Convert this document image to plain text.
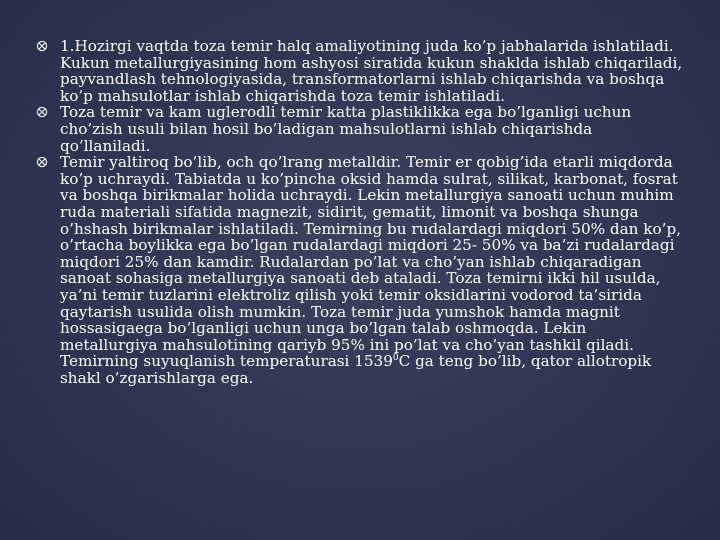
1.Hozirgi vaqtda toza temir halq amaliyotining juda ko’p jabhalarida ishlatiladi. Kukun metallurgiyasining hom ashyosi siratida kukun shaklda ishlab chiqariladi, payvandlash tehnologiyasida, transformatorlarni ishlab chiqarishda va boshqa ko’p mahsulotlar ishlab chiqarishda toza temir ishlatiladi.
Toza temir va kam uglerodli temir katta plastiklikka ega bo’lganligi uchun cho’zish usuli bilan hosil bo’ladigan mahsulotlarni ishlab chiqarishda qo’llaniladi.
Temir yaltiroq bo’lib, och qo’lrang metalldir. Temir er qobig’ida etarli miqdorda ko’p uchraydi. Tabiatda u ko’pincha oksid hamda sulrat, silikat, karbonat, fosrat va boshqa birikmalar holida uchraydi. Lekin metallurgiya sanoati uchun muhim ruda materiali sifatida magnezit, sidirit, gematit, limonit va boshqa shunga o’hshash birikmalar ishlatiladi. Temirning bu rudalardagi miqdori 50% dan ko’p, o’rtacha boylikka ega bo’lgan rudalardagi miqdori 25- 50% va ba’zi rudalardagi miqdori 25% dan kamdir. Rudalardan po’lat va cho’yan ishlab chiqaradigan sanoat sohasiga metallurgiya sanoati deb ataladi. Toza temirni ikki hil usulda, ya’ni temir tuzlarini elektroliz qilish yoki temir oksidlarini vodorod ta’sirida qaytarish usulida olish mumkin. Toza temir juda yumshok hamda magnit hossasigaega bo’lganligi uchun unga bo’lgan talab oshmoqda. Lekin metallurgiya mahsulotining qariyb 95% ini po’lat va cho’yan tashkil qiladi. Temirning suyuqlanish temperaturasi 1539$^0$C ga teng bo’lib, qator allotropik shakl o’zgarishlarga ega.
